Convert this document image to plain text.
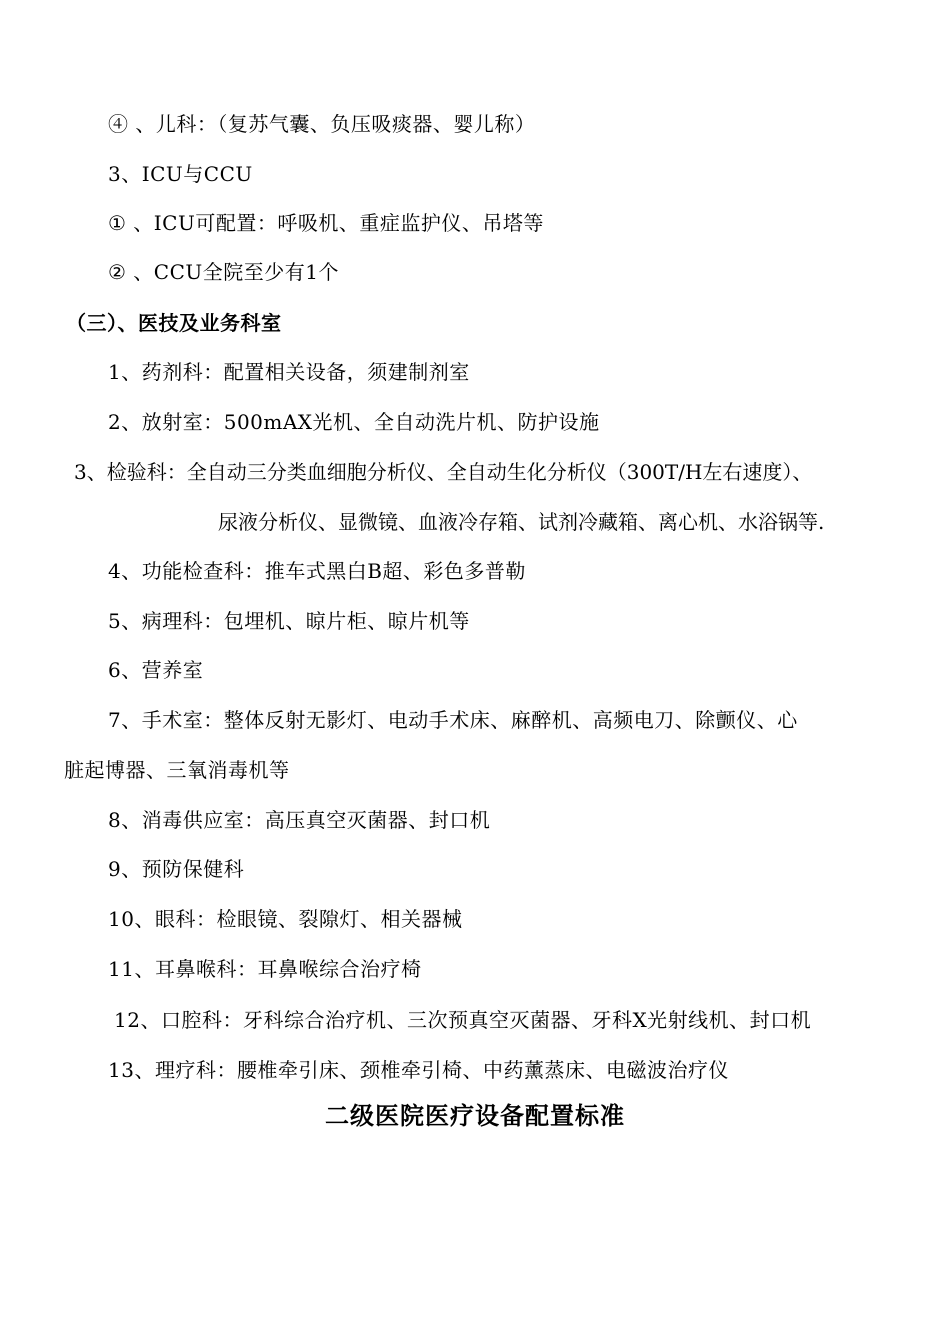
④ 、儿科：（复苏气囊、负压吸痰器、婴儿称）
3、ICU与CCU
① 、ICU可配置：呼吸机、重症监护仪、吊塔等
② 、CCU全院至少有1个
（三）、医技及业务科室
1、药剂科：配置相关设备，须建制剂室
2、放射室：500mAX光机、全自动洗片机、防护设施
3、检验科：全自动三分类血细胞分析仪、全自动生化分析仪（300T/H左右速度）、
尿液分析仪、显微镜、血液冷存箱、试剂冷藏箱、离心机、水浴锅等.
4、功能检查科：推车式黑白B超、彩色多普勒
5、病理科：包埋机、晾片柜、晾片机等
6、营养室
7、手术室：整体反射无影灯、电动手术床、麻醉机、高频电刀、除颤仪、心
脏起博器、三氧消毒机等
8、消毒供应室：高压真空灭菌器、封口机
9、预防保健科
10、眼科：检眼镜、裂隙灯、相关器械
11、耳鼻喉科：耳鼻喉综合治疗椅
12、口腔科：牙科综合治疗机、三次预真空灭菌器、牙科X光射线机、封口机
13、理疗科：腰椎牵引床、颈椎牵引椅、中药薰蒸床、电磁波治疗仪
二级医院医疗设备配置标准
